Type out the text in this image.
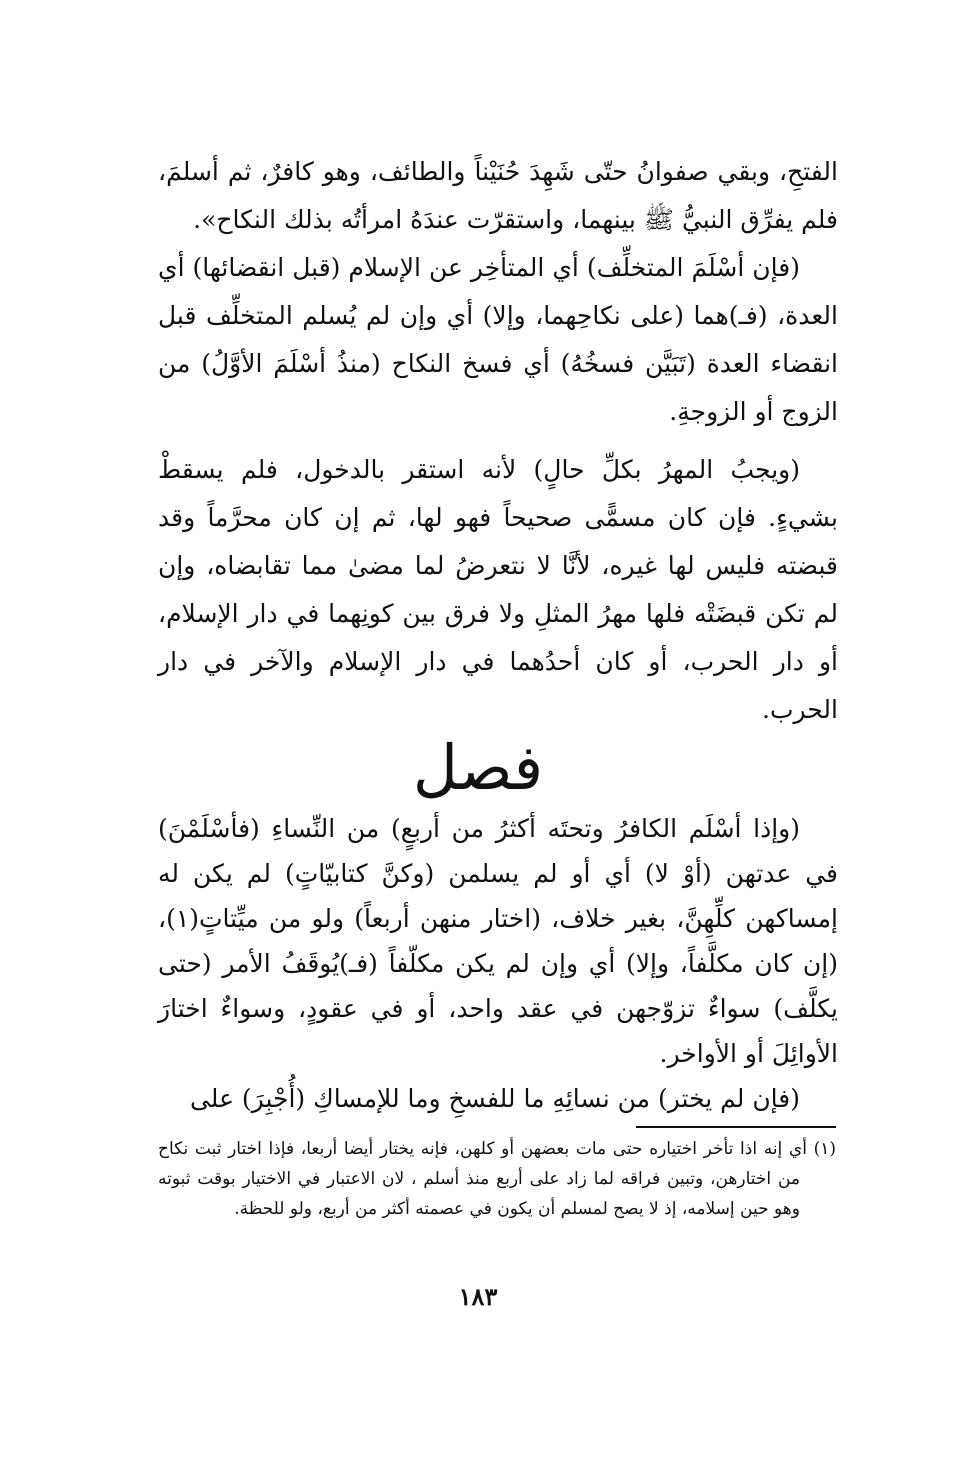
الفتحِ، وبقي صفوانُ حتّى شَهِدَ حُنَيْناً والطائف، وهو كافرٌ، ثم أسلمَ، فلم يفرِّق النبيُّ ﷺ بينهما، واستقرّت عندَهُ امرأتُه بذلك النكاح».

(فإن أسْلَمَ المتخلِّف) أي المتأخِر عن الإسلام (قبل انقضائها) أي العدة، (فـ)هما (على نكاحِهما، وإلا) أي وإن لم يُسلم المتخلِّف قبل انقضاء العدة (تَبَيَّن فسخُهُ) أي فسخ النكاح (منذُ أسْلَمَ الأوَّلُ) من الزوج أو الزوجةِ.

(ويجبُ المهرُ بكلِّ حالٍ) لأنه استقر بالدخول، فلم يسقطْ بشيءٍ. فإن كان مسمًّى صحيحاً فهو لها، ثم إن كان محرَّماً وقد قبضته فليس لها غيره، لأنَّا لا نتعرضُ لما مضىٰ مما تقابضاه، وإن لم تكن قبضَتْه فلها مهرُ المثلِ ولا فرق بين كونِهما في دار الإسلام، أو دار الحرب، أو كان أحدُهما في دار الإسلام والآخر في دار الحرب.

فصل

(وإذا أسْلَم الكافرُ وتحتَه أكثرُ من أربعٍ) من النِّساءِ (فأسْلَمْنَ) في عدتهن (أوْ لا) أي أو لم يسلمن (وكنَّ كتابيّاتٍ) لم يكن له إمساكهن كلِّهِنَّ، بغير خلاف، (اختار منهن أربعاً) ولو من ميِّتاتٍ(١)، (إن كان مكلَّفاً، وإلا) أي وإن لم يكن مكلّفاً (فـ)يُوقَفُ الأمر (حتى يكلَّف) سواءٌ تزوّجهن في عقد واحد، أو في عقودٍ، وسواءٌ اختارَ الأوائِلَ أو الأواخر.

(فإن لم يختر) من نسائِهِ ما للفسخِ وما للإمساكِ (أُجْبِرَ) على

(١) أي إنه اذا تأخر اختياره حتى مات بعضهن أو كلهن، فإنه يختار أيضا أربعا، فإذا اختار ثبت نكاح من اختارهن، وتبين فراقه لما زاد على أربع منذ أسلم ، لان الاعتبار في الاختيار بوقت ثبوته وهو حين إسلامه، إذ لا يصح لمسلم أن يكون في عصمته أكثر من أربع، ولو للحظة.

١٨٣
